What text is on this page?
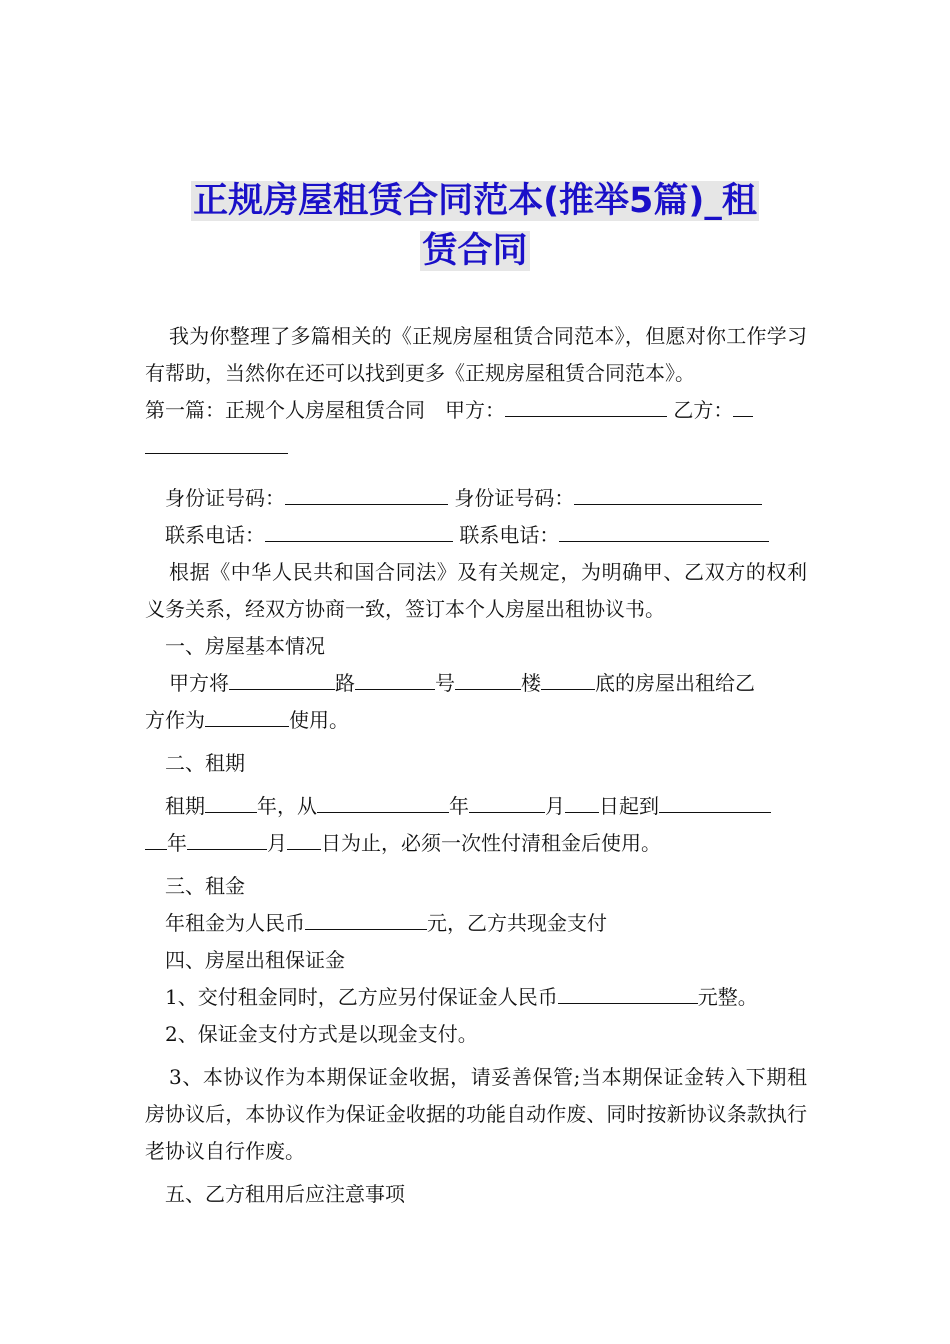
正规房屋租赁合同范本(推举5篇)_租
赁合同

我为你整理了多篇相关的《正规房屋租赁合同范本》，但愿对你工作学习有帮助，当然你在还可以找到更多《正规房屋租赁合同范本》。

第一篇：正规个人房屋租赁合同　甲方：	乙方：

身份证号码：	身份证号码：

联系电话：	联系电话：

根据《中华人民共和国合同法》及有关规定，为明确甲、乙双方的权利义务关系，经双方协商一致，签订本个人房屋出租协议书。

一、房屋基本情况

甲方将	路	号	楼	底的房屋出租给乙

方作为	使用。

二、租期

租期	年，从	年	月 日起到

年	月 日为止，必须一次性付清租金后使用。

三、租金

年租金为人民币	元，乙方共现金支付

四、房屋出租保证金

1、交付租金同时，乙方应另付保证金人民币	元整。

2、保证金支付方式是以现金支付。

3、本协议作为本期保证金收据，请妥善保管;当本期保证金转入下期租房协议后，本协议作为保证金收据的功能自动作废、同时按新协议条款执行老协议自行作废。

五、乙方租用后应注意事项
